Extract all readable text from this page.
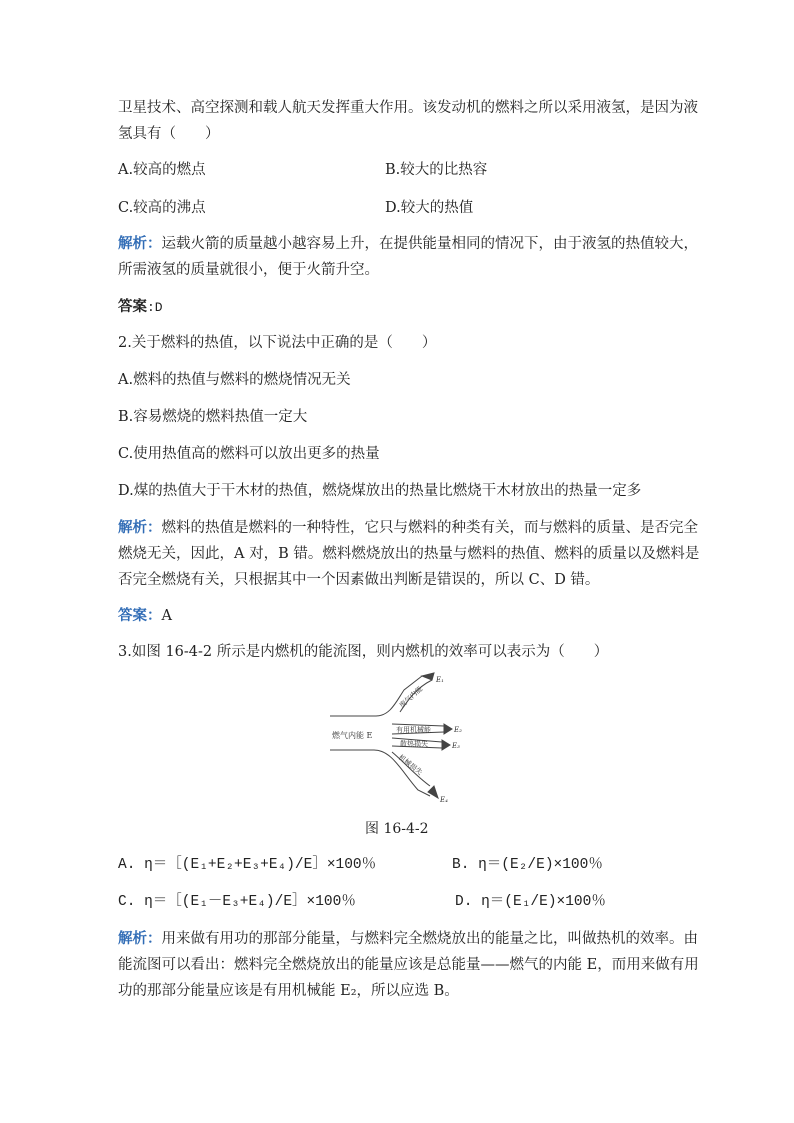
卫星技术、高空探测和载人航天发挥重大作用。该发动机的燃料之所以采用液氢，是因为液
氢具有（　　）
A.较高的燃点	B.较大的比热容
C.较高的沸点	D.较大的热值
解析：运载火箭的质量越小越容易上升，在提供能量相同的情况下，由于液氢的热值较大，
所需液氢的质量就很小，便于火箭升空。
答案:D
2.关于燃料的热值，以下说法中正确的是（　　）
A.燃料的热值与燃料的燃烧情况无关
B.容易燃烧的燃料热值一定大
C.使用热值高的燃料可以放出更多的热量
D.煤的热值大于干木材的热值，燃烧煤放出的热量比燃烧干木材放出的热量一定多
解析：燃料的热值是燃料的一种特性，它只与燃料的种类有关，而与燃料的质量、是否完全
燃烧无关，因此，A 对，B 错。燃料燃烧放出的热量与燃料的热值、燃料的质量以及燃料是
否完全燃烧有关，只根据其中一个因素做出判断是错误的，所以 C、D 错。
答案：A
3.如图 16-4-2 所示是内燃机的能流图，则内燃机的效率可以表示为（　　）
燃气内能 E
废气内能
有用机械能
散热损失
机械损失
E₁
E₂
E₃
E₄
图 16-4-2
A. η＝［(E₁+E₂+E₃+E₄)/E］×100％	B. η＝(E₂/E)×100％
C. η＝［(E₁－E₃+E₄)/E］×100％	D. η＝(E₁/E)×100％
解析：用来做有用功的那部分能量，与燃料完全燃烧放出的能量之比，叫做热机的效率。由
能流图可以看出：燃料完全燃烧放出的能量应该是总能量——燃气的内能 E，而用来做有用
功的那部分能量应该是有用机械能 E₂，所以应选 B。
